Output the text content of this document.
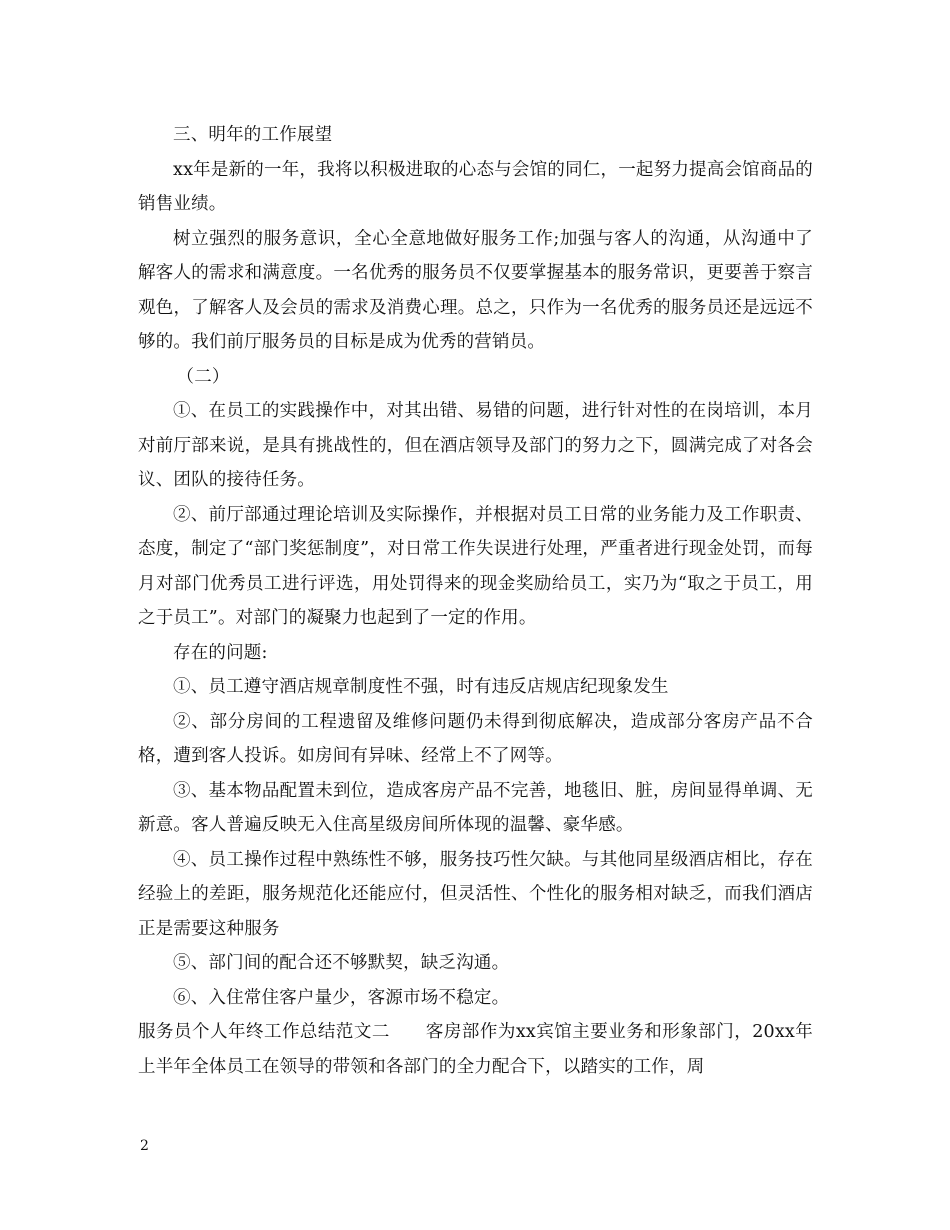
三、明年的工作展望

xx年是新的一年，我将以积极进取的心态与会馆的同仁，一起努力提高会馆商品的销售业绩。

树立强烈的服务意识，全心全意地做好服务工作;加强与客人的沟通，从沟通中了解客人的需求和满意度。一名优秀的服务员不仅要掌握基本的服务常识，更要善于察言观色，了解客人及会员的需求及消费心理。总之，只作为一名优秀的服务员还是远远不够的。我们前厅服务员的目标是成为优秀的营销员。

（二）

①、在员工的实践操作中，对其出错、易错的问题，进行针对性的在岗培训，本月对前厅部来说，是具有挑战性的，但在酒店领导及部门的努力之下，圆满完成了对各会议、团队的接待任务。

②、前厅部通过理论培训及实际操作，并根据对员工日常的业务能力及工作职责、态度，制定了“部门奖惩制度”，对日常工作失误进行处理，严重者进行现金处罚，而每月对部门优秀员工进行评选，用处罚得来的现金奖励给员工，实乃为“取之于员工，用之于员工”。对部门的凝聚力也起到了一定的作用。

存在的问题:

①、员工遵守酒店规章制度性不强，时有违反店规店纪现象发生

②、部分房间的工程遗留及维修问题仍未得到彻底解决，造成部分客房产品不合格，遭到客人投诉。如房间有异味、经常上不了网等。

③、基本物品配置未到位，造成客房产品不完善，地毯旧、脏，房间显得单调、无新意。客人普遍反映无入住高星级房间所体现的温馨、豪华感。

④、员工操作过程中熟练性不够，服务技巧性欠缺。与其他同星级酒店相比，存在经验上的差距，服务规范化还能应付，但灵活性、个性化的服务相对缺乏，而我们酒店正是需要这种服务

⑤、部门间的配合还不够默契，缺乏沟通。

⑥、入住常住客户量少，客源市场不稳定。

服务员个人年终工作总结范文二　　客房部作为xx宾馆主要业务和形象部门，20xx年上半年全体员工在领导的带领和各部门的全力配合下，以踏实的工作，周

2
